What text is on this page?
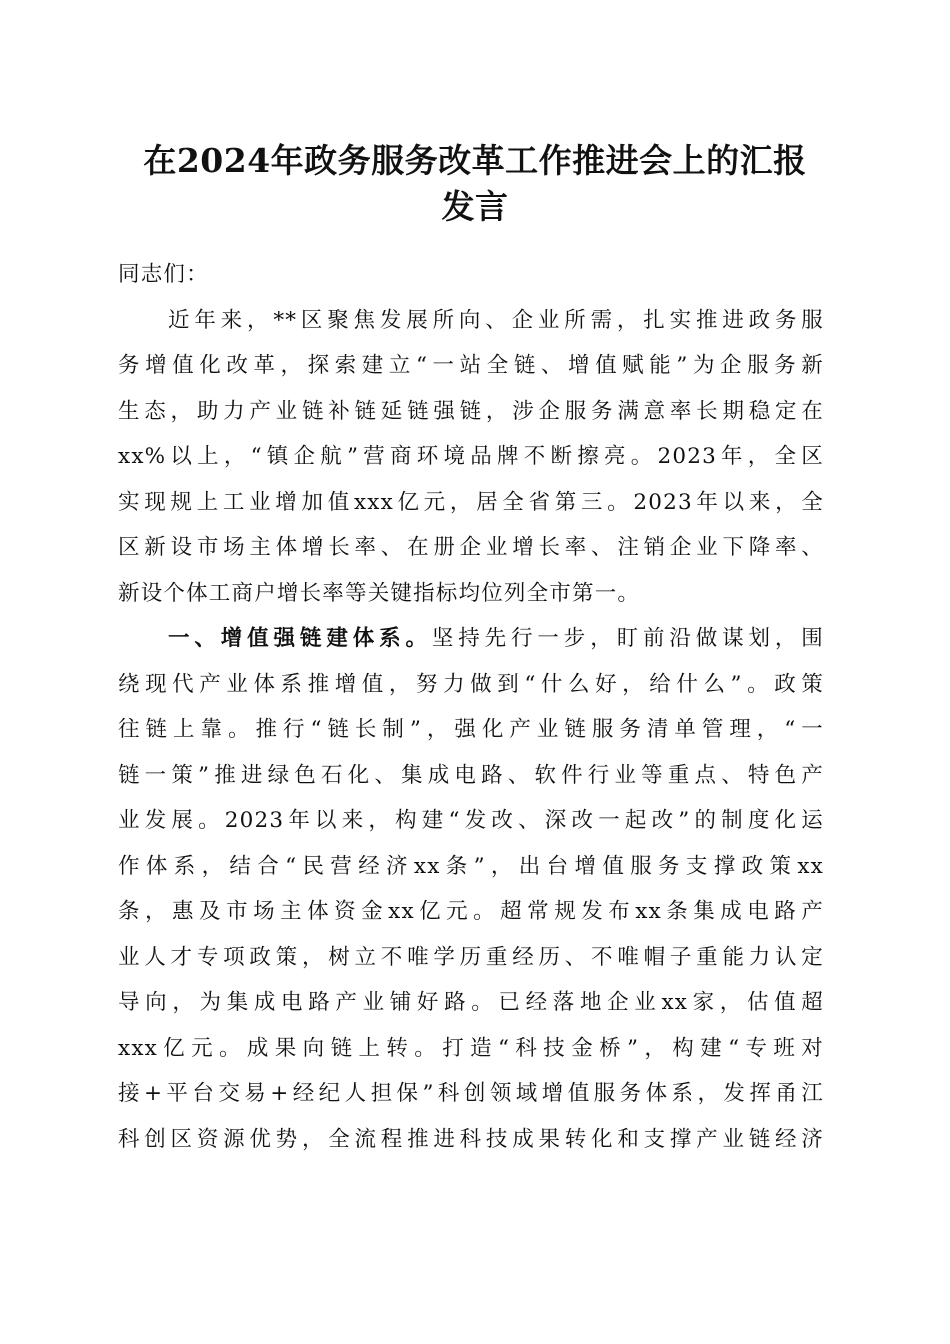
在2024年政务服务改革工作推进会上的汇报
发言
同志们：
近年来，**区聚焦发展所向、企业所需，扎实推进政务服
务增值化改革，探索建立“一站全链、增值赋能”为企服务新
生态，助力产业链补链延链强链，涉企服务满意率长期稳定在
xx%以上，“镇企航”营商环境品牌不断擦亮。2023年，全区
实现规上工业增加值xxx亿元，居全省第三。2023年以来，全
区新设市场主体增长率、在册企业增长率、注销企业下降率、
新设个体工商户增长率等关键指标均位列全市第一。
一、增值强链建体系。坚持先行一步，盯前沿做谋划，围
绕现代产业体系推增值，努力做到“什么好，给什么”。政策
往链上靠。推行“链长制”，强化产业链服务清单管理，“一
链一策”推进绿色石化、集成电路、软件行业等重点、特色产
业发展。2023年以来，构建“发改、深改一起改”的制度化运
作体系，结合“民营经济xx条”，出台增值服务支撑政策xx
条，惠及市场主体资金xx亿元。超常规发布xx条集成电路产
业人才专项政策，树立不唯学历重经历、不唯帽子重能力认定
导向，为集成电路产业铺好路。已经落地企业xx家，估值超
xxx亿元。成果向链上转。打造“科技金桥”，构建“专班对
接+平台交易+经纪人担保”科创领域增值服务体系，发挥甬江
科创区资源优势，全流程推进科技成果转化和支撑产业链经济
